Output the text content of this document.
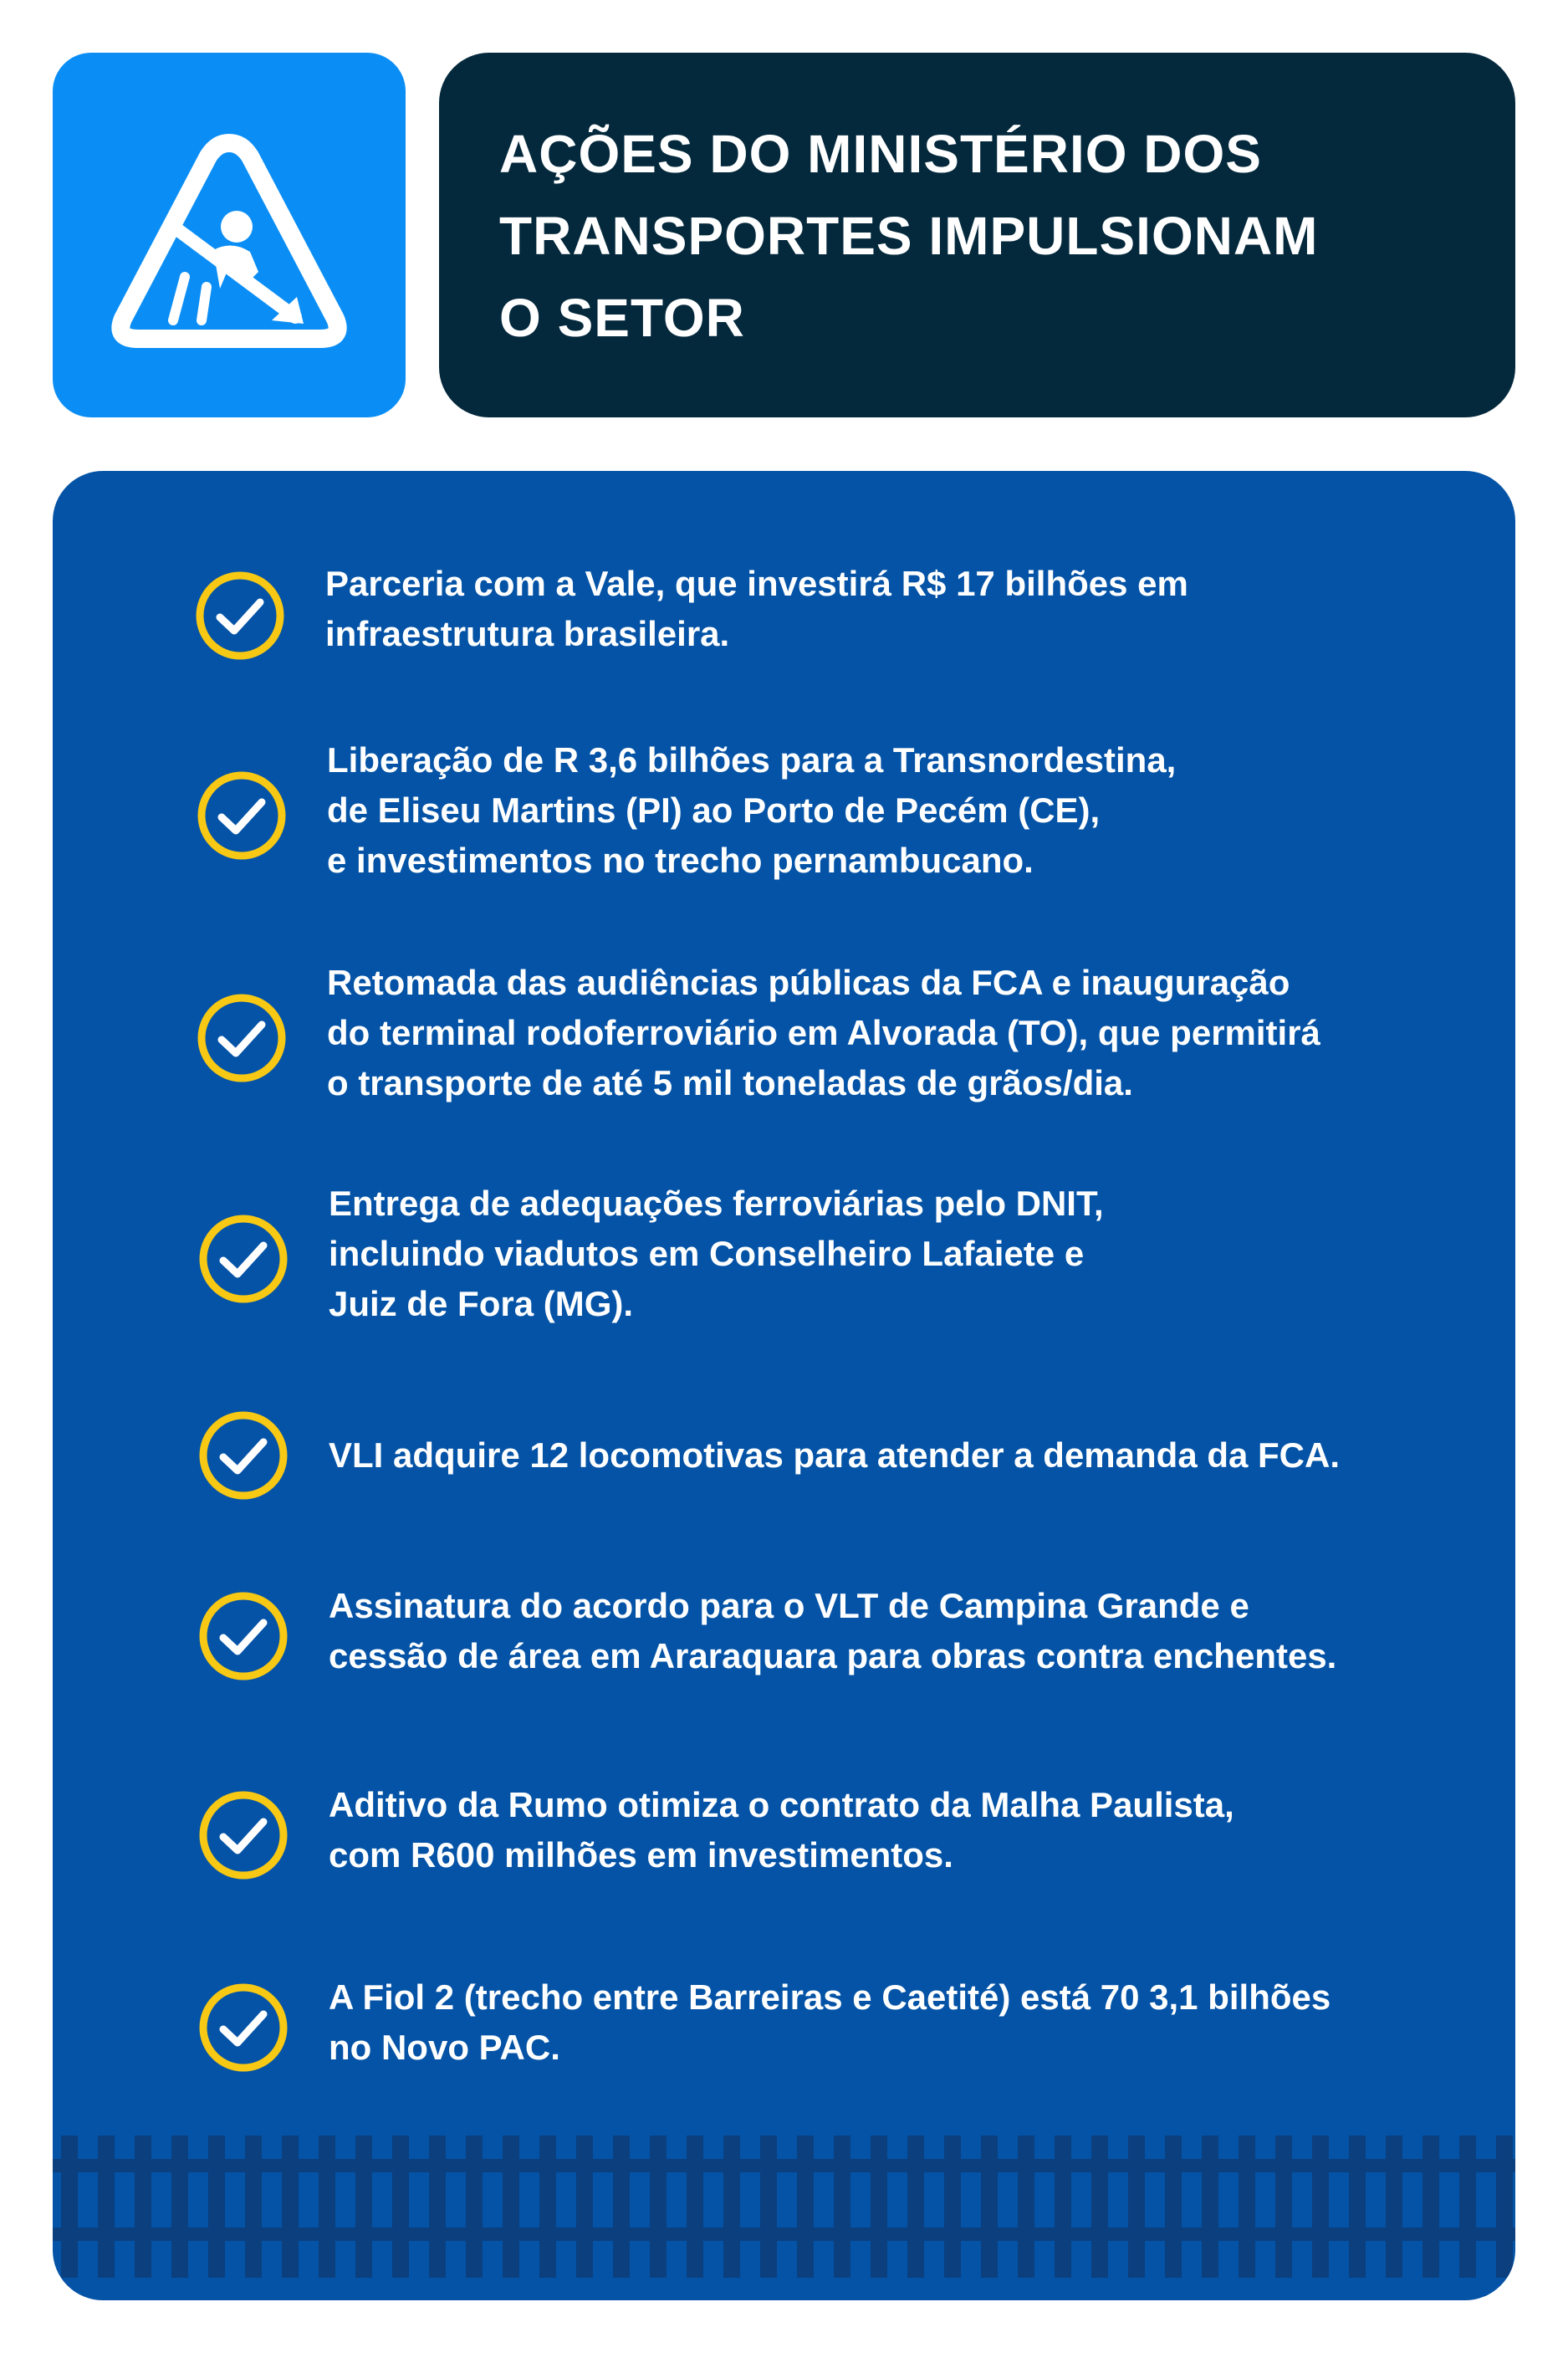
AÇÕES DO MINISTÉRIO DOS
TRANSPORTES IMPULSIONAM
O SETOR
Parceria com a Vale, que investirá R$ 17 bilhões em
infraestrutura brasileira.
Liberação de R 3,6 bilhões para a Transnordestina,
de Eliseu Martins (PI) ao Porto de Pecém (CE),
e investimentos no trecho pernambucano.
Retomada das audiências públicas da FCA e inauguração
do terminal rodoferroviário em Alvorada (TO), que permitirá
o transporte de até 5 mil toneladas de grãos/dia.
Entrega de adequações ferroviárias pelo DNIT,
incluindo viadutos em Conselheiro Lafaiete e
Juiz de Fora (MG).
VLI adquire 12 locomotivas para atender a demanda da FCA.
Assinatura do acordo para o VLT de Campina Grande e
cessão de área em Araraquara para obras contra enchentes.
Aditivo da Rumo otimiza o contrato da Malha Paulista,
com R600 milhões em investimentos.
A Fiol 2 (trecho entre Barreiras e Caetité) está 70 3,1 bilhões
no Novo PAC.
